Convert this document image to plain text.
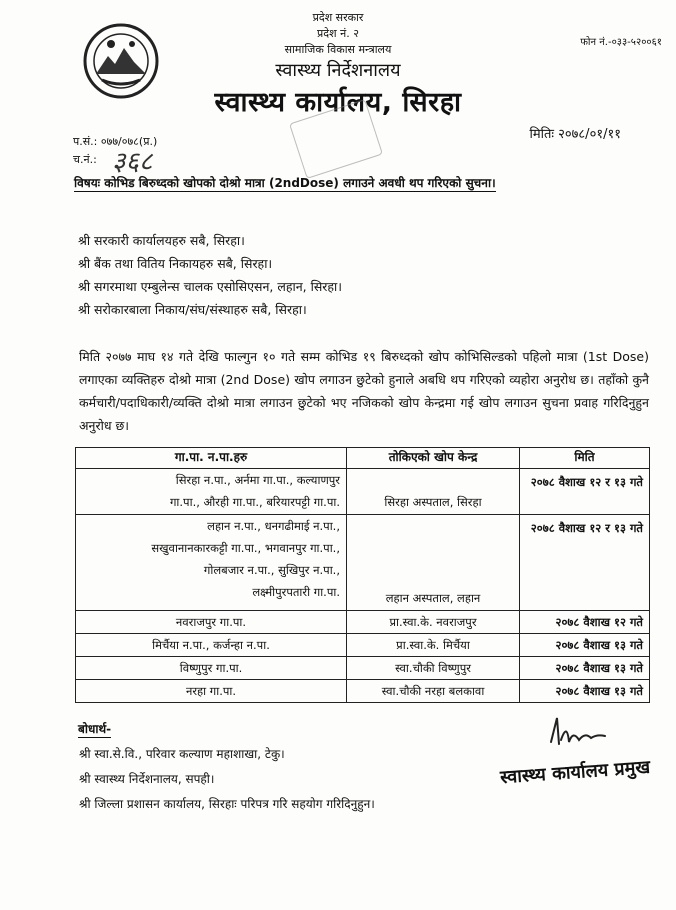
प्रदेश सरकार
प्रदेश नं. २
सामाजिक विकास मन्त्रालय
स्वास्थ्य निर्देशनालय
स्वास्थ्य कार्यालय, सिरहा
फोन नं.-०३३-५२००६१
प.सं.: ०७७/०७८(प्र.)	मितिः २०७८/०१/११
च.नं.: ३६८
विषयः कोभिड बिरुध्दको खोपको दोश्रो मात्रा (2ndDose) लगाउने अवधी थप गरिएको सुचना।
श्री सरकारी कार्यालयहरु सबै, सिरहा।
श्री बैंक तथा वितिय निकायहरु सबै, सिरहा।
श्री सगरमाथा एम्बुलेन्स चालक एसोसिएसन, लहान, सिरहा।
श्री सरोकारबाला निकाय/संघ/संस्थाहरु सबै, सिरहा।
मिति २०७७ माघ १४ गते देखि फाल्गुन १० गते सम्म कोभिड १९ बिरुध्दको खोप कोभिसिल्डको पहिलो मात्रा (1st Dose) लगाएका व्यक्तिहरु दोश्रो मात्रा (2nd Dose) खोप लगाउन छुटेको हुनाले अबधि थप गरिएको व्यहोरा अनुरोध छ। तहाँको कुनै कर्मचारी/पदाधिकारी/व्यक्ति दोश्रो मात्रा लगाउन छुटेको भए नजिकको खोप केन्द्रमा गई खोप लगाउन सुचना प्रवाह गरिदिनुहुन अनुरोध छ।
गा.पा. न.पा.हरु	तोकिएको खोप केन्द्र	मिति

सिरहा न.पा., अर्नमा गा.पा., कल्याणपुर
गा.पा., औरही गा.पा., बरियारपट्टी गा.पा.	सिरहा अस्पताल, सिरहा	२०७८ वैशाख १२ र १३ गते

लहान न.पा., धनगढीमाई न.पा.,
सखुवानानकारकट्टी गा.पा., भगवानपुर गा.पा.,
गोलबजार न.पा., सुखिपुर न.पा.,
लक्ष्मीपुरपतारी गा.पा.	लहान अस्पताल, लहान	२०७८ वैशाख १२ र १३ गते

नवराजपुर गा.पा.	प्रा.स्वा.के. नवराजपुर	२०७८ वैशाख १२ गते

मिर्चैया न.पा., कर्जन्हा न.पा.	प्रा.स्वा.के. मिर्चैया	२०७८ वैशाख १३ गते

विष्णुपुर गा.पा.	स्वा.चौकी विष्णुपुर	२०७८ वैशाख १३ गते

नरहा गा.पा.	स्वा.चौकी नरहा बलकावा	२०७८ वैशाख १३ गते
बोधार्थ-
श्री स्वा.से.वि., परिवार कल्याण महाशाखा, टेकु।
श्री स्वास्थ्य निर्देशनालय, सपही।
श्री जिल्ला प्रशासन कार्यालय, सिरहाः परिपत्र गरि सहयोग गरिदिनुहुन।
स्वास्थ्य कार्यालय प्रमुख
